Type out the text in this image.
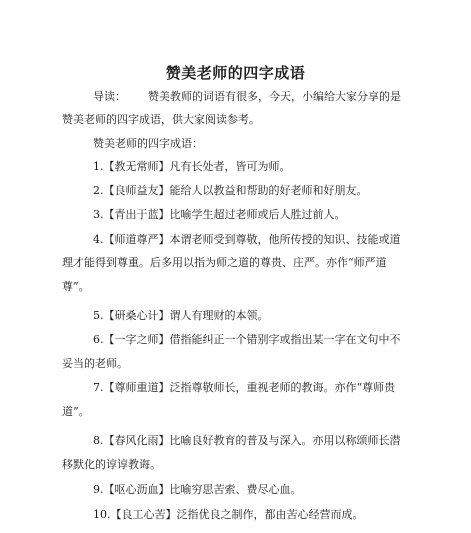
赞美老师的四字成语
导读： 赞美教师的词语有很多，今天，小编给大家分享的是
赞美老师的四字成语，供大家阅读参考。
赞美老师的四字成语：
1.【教无常师】凡有长处者，皆可为师。
2.【良师益友】能给人以教益和帮助的好老师和好朋友。
3.【青出于蓝】比喻学生超过老师或后人胜过前人。
4.【师道尊严】本谓老师受到尊敬，他所传授的知识、技能或道
理才能得到尊重。后多用以指为师之道的尊贵、庄严。亦作“师严道
尊”。
5.【研桑心计】谓人有理财的本领。
6.【一字之师】借指能纠正一个错别字或指出某一字在文句中不
妥当的老师。
7.【尊师重道】泛指尊敬师长，重视老师的教诲。亦作“尊师贵
道”。
8.【春风化雨】比喻良好教育的普及与深入。亦用以称颂师长潜
移默化的谆谆教诲。
9.【呕心沥血】比喻穷思苦索、费尽心血。
10.【良工心苦】泛指优良之制作，都由苦心经营而成。
